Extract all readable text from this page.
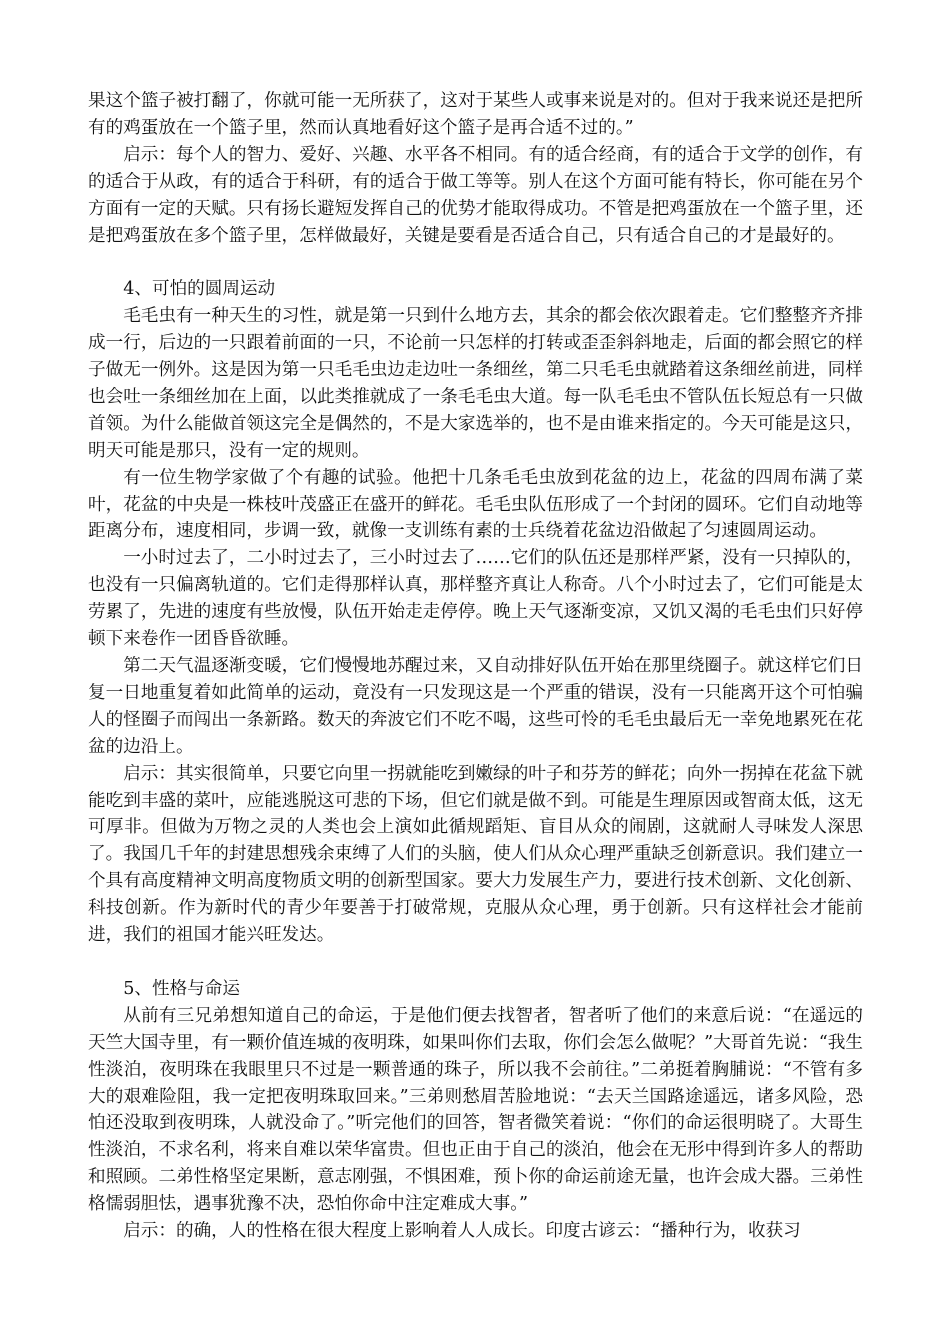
果这个篮子被打翻了，你就可能一无所获了，这对于某些人或事来说是对的。但对于我来说还是把所有的鸡蛋放在一个篮子里，然而认真地看好这个篮子是再合适不过的。”

启示：每个人的智力、爱好、兴趣、水平各不相同。有的适合经商，有的适合于文学的创作，有的适合于从政，有的适合于科研，有的适合于做工等等。别人在这个方面可能有特长，你可能在另个方面有一定的天赋。只有扬长避短发挥自己的优势才能取得成功。不管是把鸡蛋放在一个篮子里，还是把鸡蛋放在多个篮子里，怎样做最好，关键是要看是否适合自己，只有适合自己的才是最好的。

4、可怕的圆周运动

毛毛虫有一种天生的习性，就是第一只到什么地方去，其余的都会依次跟着走。它们整整齐齐排成一行，后边的一只跟着前面的一只，不论前一只怎样的打转或歪歪斜斜地走，后面的都会照它的样子做无一例外。这是因为第一只毛毛虫边走边吐一条细丝，第二只毛毛虫就踏着这条细丝前进，同样也会吐一条细丝加在上面，以此类推就成了一条毛毛虫大道。每一队毛毛虫不管队伍长短总有一只做首领。为什么能做首领这完全是偶然的，不是大家选举的，也不是由谁来指定的。今天可能是这只，明天可能是那只，没有一定的规则。

有一位生物学家做了个有趣的试验。他把十几条毛毛虫放到花盆的边上，花盆的四周布满了菜叶，花盆的中央是一株枝叶茂盛正在盛开的鲜花。毛毛虫队伍形成了一个封闭的圆环。它们自动地等距离分布，速度相同，步调一致，就像一支训练有素的士兵绕着花盆边沿做起了匀速圆周运动。

一小时过去了，二小时过去了，三小时过去了……它们的队伍还是那样严紧，没有一只掉队的，也没有一只偏离轨道的。它们走得那样认真，那样整齐真让人称奇。八个小时过去了，它们可能是太劳累了，先进的速度有些放慢，队伍开始走走停停。晚上天气逐渐变凉，又饥又渴的毛毛虫们只好停顿下来卷作一团昏昏欲睡。

第二天气温逐渐变暖，它们慢慢地苏醒过来，又自动排好队伍开始在那里绕圈子。就这样它们日复一日地重复着如此简单的运动，竟没有一只发现这是一个严重的错误，没有一只能离开这个可怕骗人的怪圈子而闯出一条新路。数天的奔波它们不吃不喝，这些可怜的毛毛虫最后无一幸免地累死在花盆的边沿上。

启示：其实很简单，只要它向里一拐就能吃到嫩绿的叶子和芬芳的鲜花；向外一拐掉在花盆下就能吃到丰盛的菜叶，应能逃脱这可悲的下场，但它们就是做不到。可能是生理原因或智商太低，这无可厚非。但做为万物之灵的人类也会上演如此循规蹈矩、盲目从众的闹剧，这就耐人寻味发人深思了。我国几千年的封建思想残余束缚了人们的头脑，使人们从众心理严重缺乏创新意识。我们建立一个具有高度精神文明高度物质文明的创新型国家。要大力发展生产力，要进行技术创新、文化创新、科技创新。作为新时代的青少年要善于打破常规，克服从众心理，勇于创新。只有这样社会才能前进，我们的祖国才能兴旺发达。

5、性格与命运

从前有三兄弟想知道自己的命运，于是他们便去找智者，智者听了他们的来意后说：“在遥远的天竺大国寺里，有一颗价值连城的夜明珠，如果叫你们去取，你们会怎么做呢？”大哥首先说：“我生性淡泊，夜明珠在我眼里只不过是一颗普通的珠子，所以我不会前往。”二弟挺着胸脯说：“不管有多大的艰难险阻，我一定把夜明珠取回来。”三弟则愁眉苦脸地说：“去天兰国路途遥远，诸多风险，恐怕还没取到夜明珠，人就没命了。”听完他们的回答，智者微笑着说：“你们的命运很明晓了。大哥生性淡泊，不求名利，将来自难以荣华富贵。但也正由于自己的淡泊，他会在无形中得到许多人的帮助和照顾。二弟性格坚定果断，意志刚强，不惧困难，预卜你的命运前途无量，也许会成大器。三弟性格懦弱胆怯，遇事犹豫不决，恐怕你命中注定难成大事。”

启示：的确，人的性格在很大程度上影响着人人成长。印度古谚云：“播种行为，收获习
